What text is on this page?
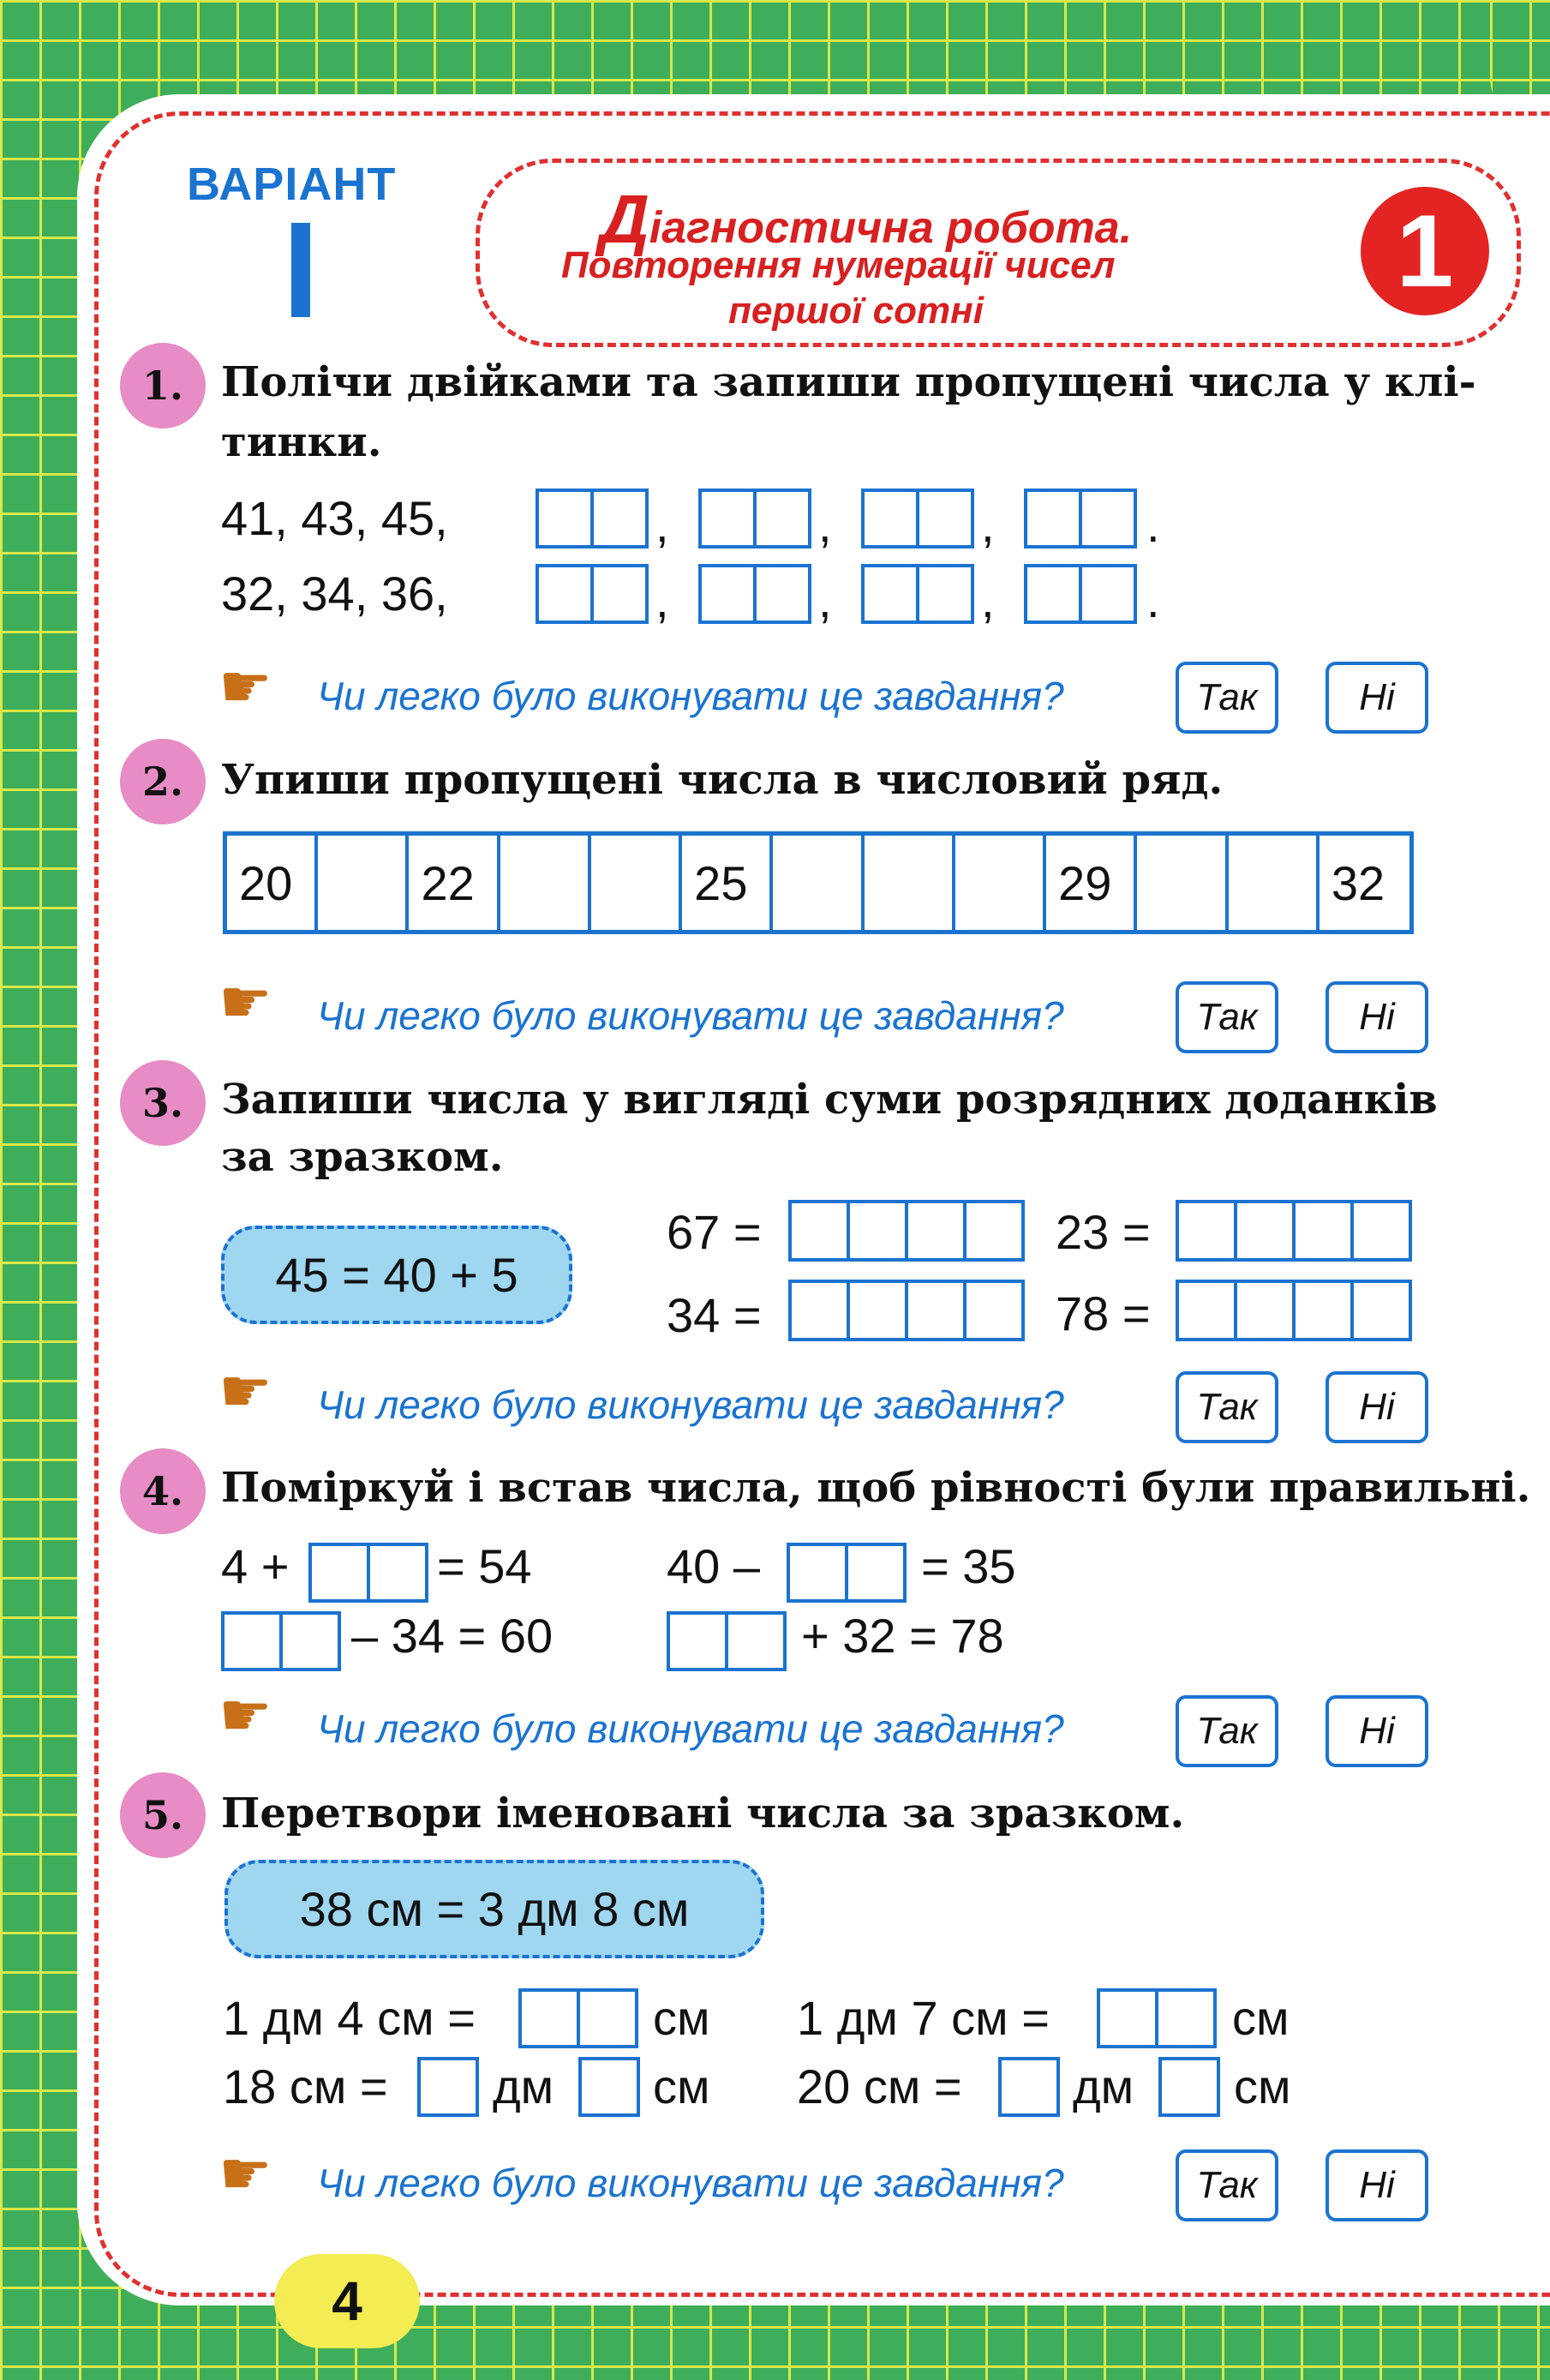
ВАРІАНТ	Діагностична робота.
Повторення нумерації чисел
першої сотні
1
1. Полічи двійками та запиши пропущені числа у клі-
тинки.
41, 43, 45,	,	,	,	.
32, 34, 36,	,	,	,	.
☛ Чи легко було виконувати це завдання?	Так	Ні
2. Упиши пропущені числа в числовий ряд.
20	22	25	29	32
☛ Чи легко було виконувати це завдання?	Так	Ні
3. Запиши числа у вигляді суми розрядних доданків
за зразком.
45 = 40 + 5
67 =	23 =
34 =	78 =
☛ Чи легко було виконувати це завдання?	Так	Ні
4. Поміркуй і встав числа, щоб рівності були правильні.
4 +	= 54	40 –	= 35
– 34 = 60	+ 32 = 78
☛ Чи легко було виконувати це завдання?	Так	Ні
5. Перетвори іменовані числа за зразком.
38 см = 3 дм 8 см
1 дм 4 см =	см 1 дм 7 см =	см
18 см = дм см 20 см = дм см
☛ Чи легко було виконувати це завдання?	Так	Ні
4
